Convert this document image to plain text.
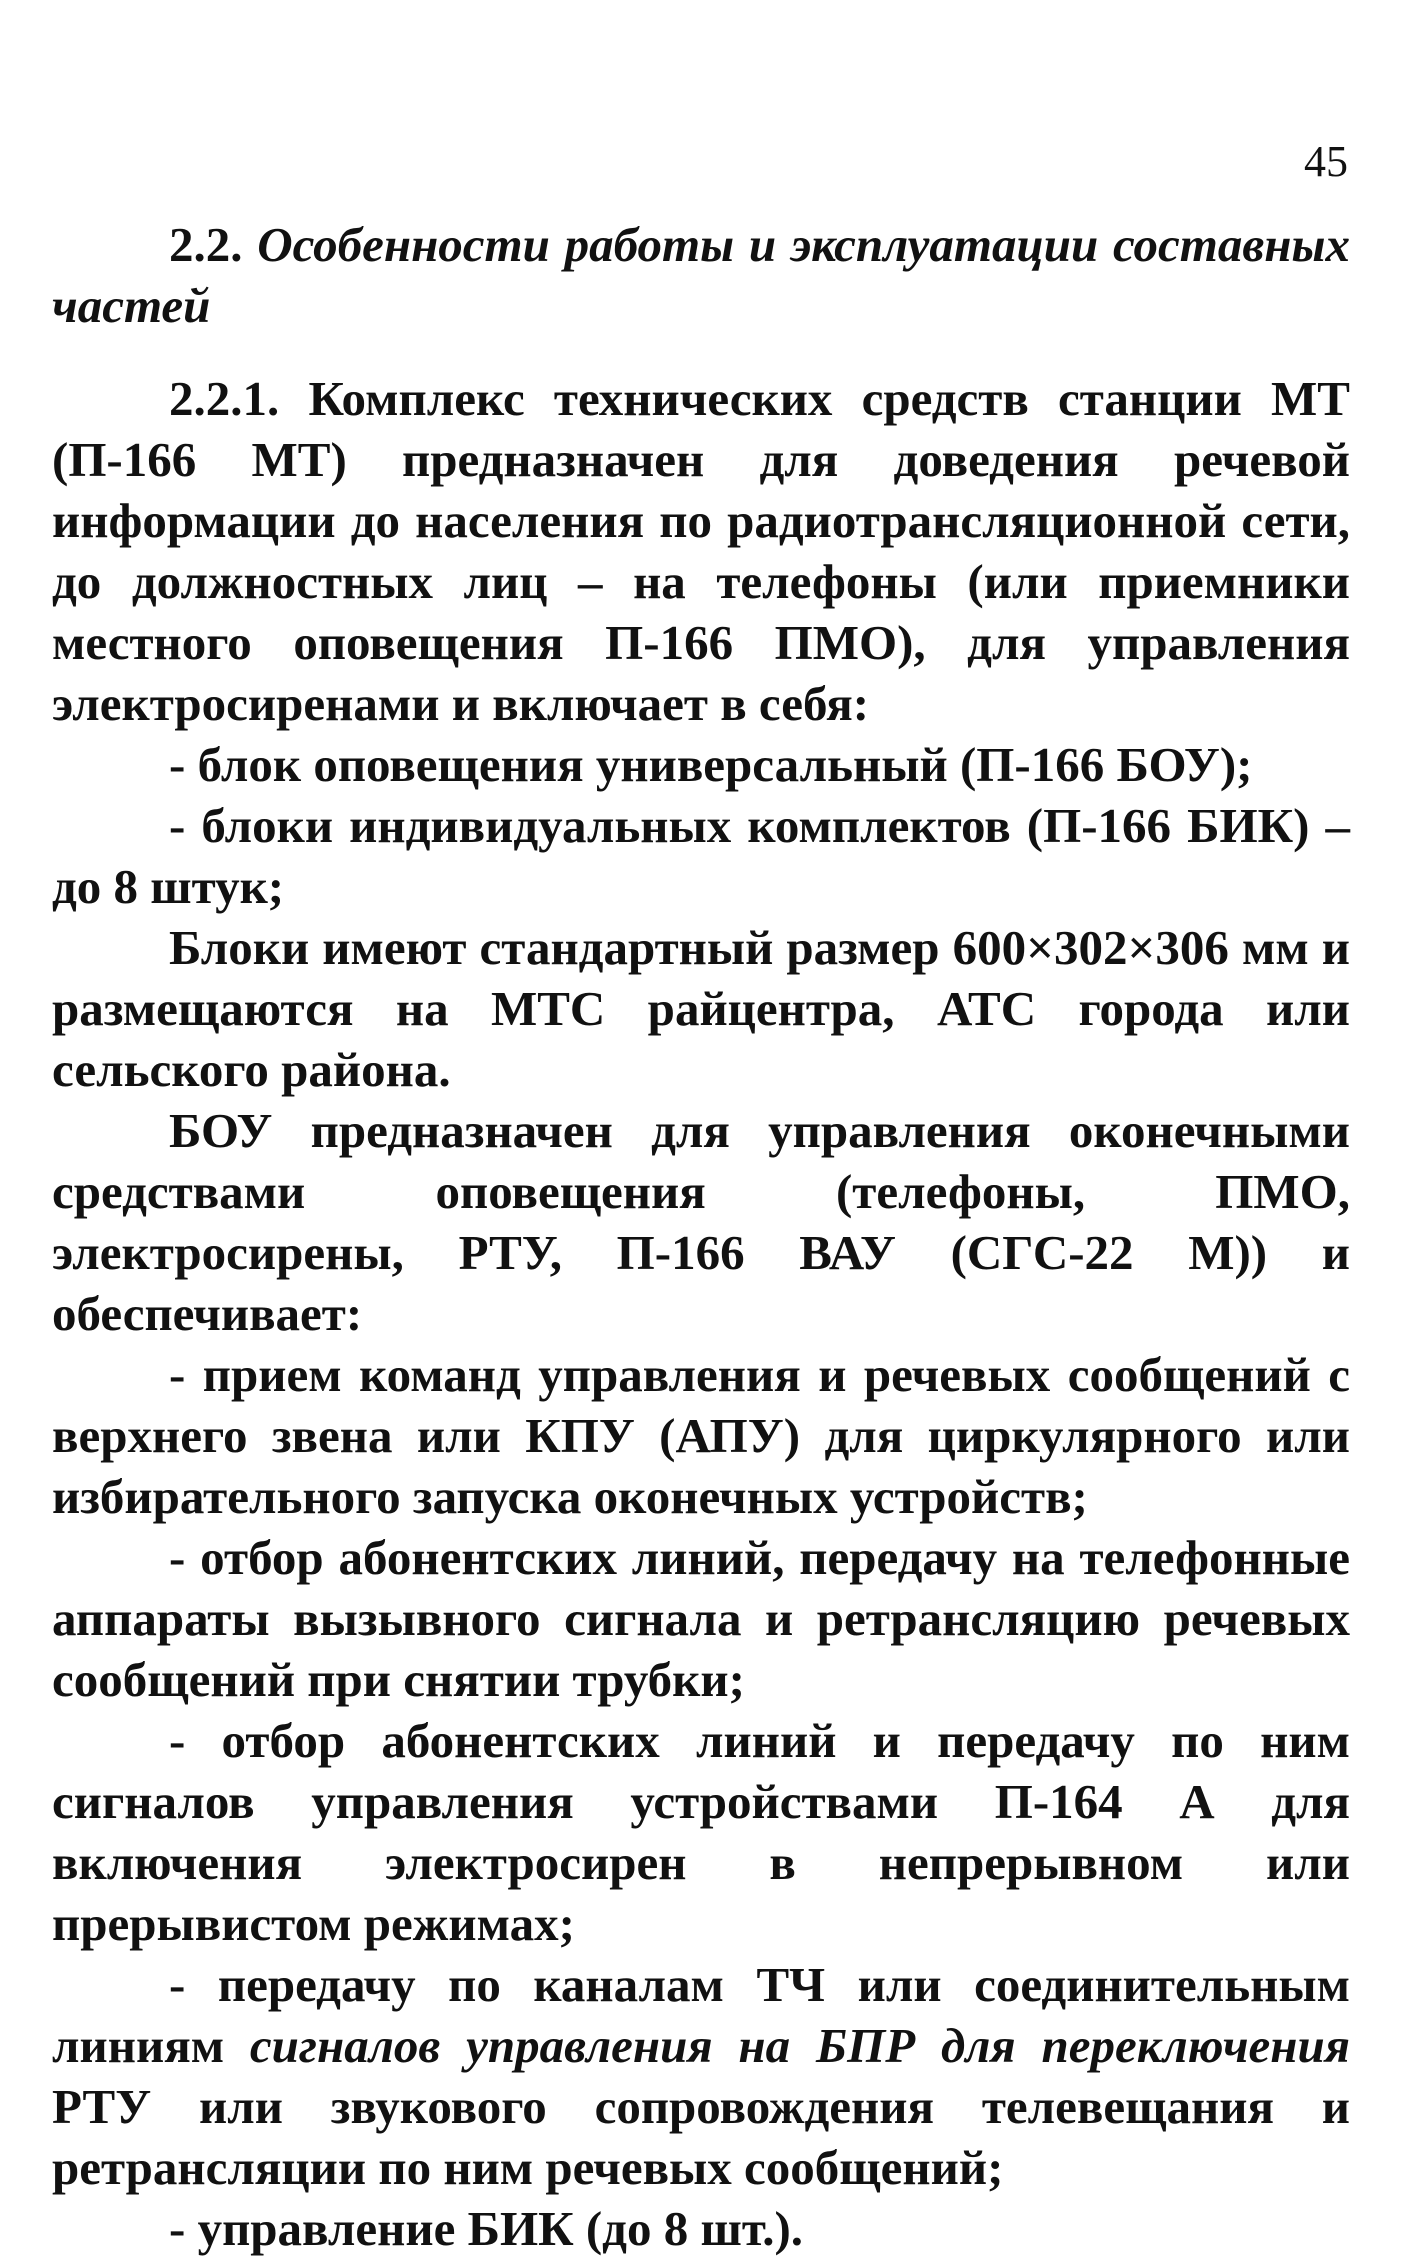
45

2.2. Особенности работы и эксплуатации составных частей

2.2.1. Комплекс технических средств станции МТ (П-166 МТ) предназначен для доведения речевой информации до населения по радиотрансляционной сети, до должностных лиц – на телефоны (или приемники местного оповещения П-166 ПМО), для управления электросиренами и включает в себя:

- блок оповещения универсальный (П-166 БОУ);

- блоки индивидуальных комплектов (П-166 БИК) – до 8 штук;

Блоки имеют стандартный размер 600×302×306 мм и размещаются на МТС райцентра, АТС города или сельского района.

БОУ предназначен для управления оконечными средствами оповещения (телефоны, ПМО, электросирены, РТУ, П-166 ВАУ (СГС-22 М)) и обеспечивает:

- прием команд управления и речевых сообщений с верхнего звена или КПУ (АПУ) для циркулярного или избирательного запуска оконечных устройств;

- отбор абонентских линий, передачу на телефонные аппараты вызывного сигнала и ретрансляцию речевых сообщений при снятии трубки;

- отбор абонентских линий и передачу по ним сигналов управления устройствами П-164 А для включения электросирен в непрерывном или прерывистом режимах;

- передачу по каналам ТЧ или соединительным линиям сигналов управления на БПР для переключения РТУ или звукового сопровождения телевещания и ретрансляции по ним речевых сообщений;

- управление БИК (до 8 шт.).
